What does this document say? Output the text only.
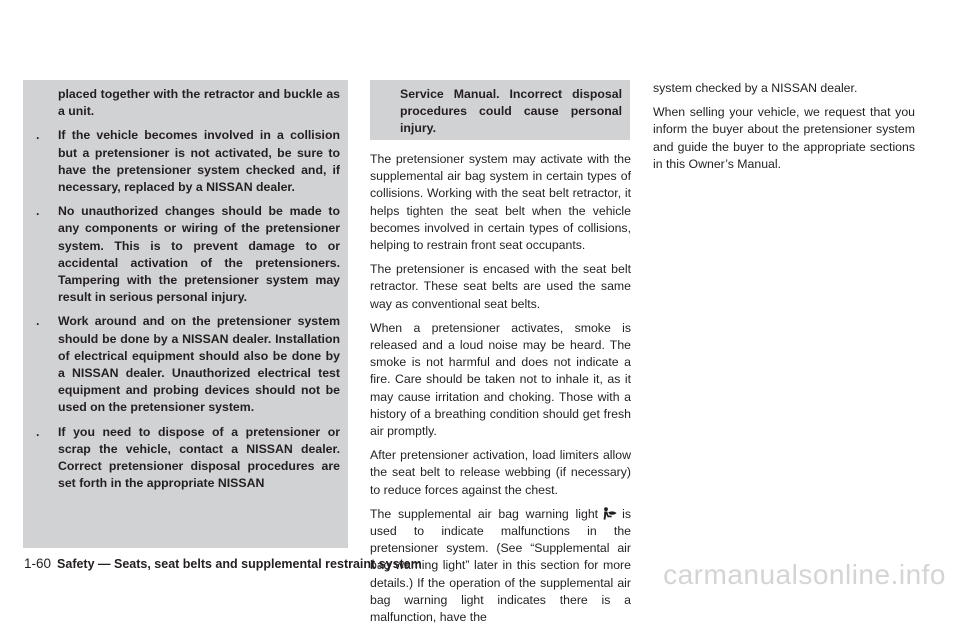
placed together with the retractor and buckle as a unit.

.	If the vehicle becomes involved in a collision but a pretensioner is not activated, be sure to have the pretensioner system checked and, if necessary, replaced by a NISSAN dealer.
.	No unauthorized changes should be made to any components or wiring of the pretensioner system. This is to prevent damage to or accidental activation of the pretensioners. Tampering with the pretensioner system may result in serious personal injury.
.	Work around and on the pretensioner system should be done by a NISSAN dealer. Installation of electrical equipment should also be done by a NISSAN dealer. Unauthorized electrical test equipment and probing devices should not be used on the pretensioner system.
.	If you need to dispose of a pretensioner or scrap the vehicle, contact a NISSAN dealer. Correct pretensioner disposal procedures are set forth in the appropriate NISSAN

Service Manual. Incorrect disposal procedures could cause personal injury.

The pretensioner system may activate with the supplemental air bag system in certain types of collisions. Working with the seat belt retractor, it helps tighten the seat belt when the vehicle becomes involved in certain types of collisions, helping to restrain front seat occupants.

The pretensioner is encased with the seat belt retractor. These seat belts are used the same way as conventional seat belts.

When a pretensioner activates, smoke is released and a loud noise may be heard. The smoke is not harmful and does not indicate a fire. Care should be taken not to inhale it, as it may cause irritation and choking. Those with a history of a breathing condition should get fresh air promptly.

After pretensioner activation, load limiters allow the seat belt to release webbing (if necessary) to reduce forces against the chest.

The supplemental air bag warning light is used to indicate malfunctions in the pretensioner system. (See “Supplemental air bag warning light” later in this section for more details.) If the operation of the supplemental air bag warning light indicates there is a malfunction, have the

system checked by a NISSAN dealer.

When selling your vehicle, we request that you inform the buyer about the pretensioner system and guide the buyer to the appropriate sections in this Owner’s Manual.

1-60 Safety — Seats, seat belts and supplemental restraint system	carmanualsonline.info
